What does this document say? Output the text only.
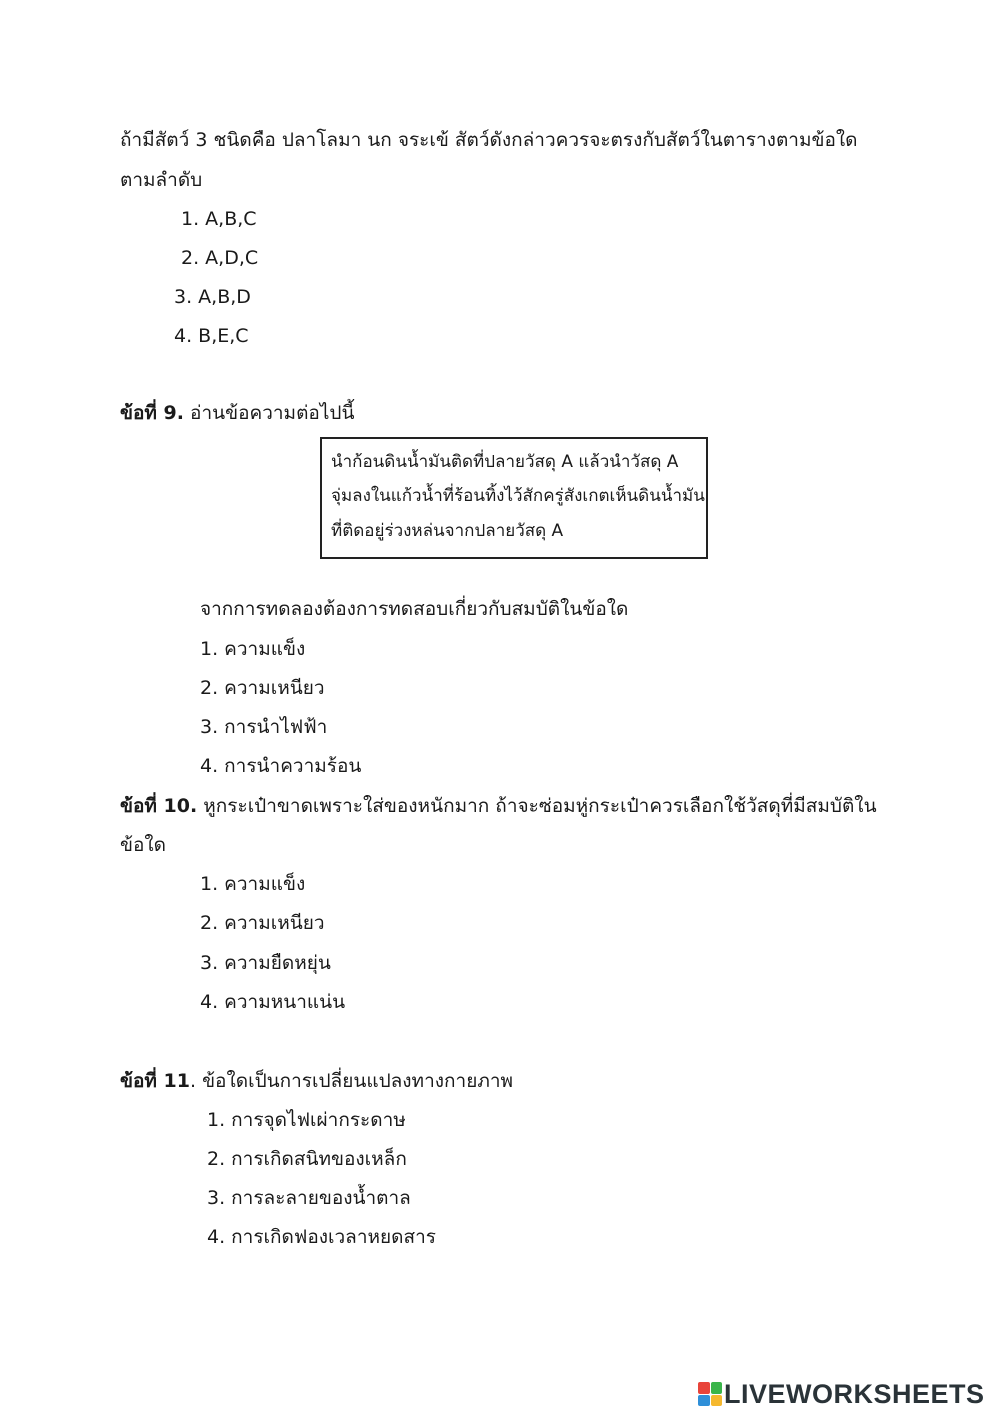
ถ้ามีสัตว์ 3 ชนิดคือ ปลาโลมา นก จระเข้ สัตว์ดังกล่าวควรจะตรงกับสัตว์ในตารางตามข้อใด
ตามลำดับ
1. A,B,C
2. A,D,C
3. A,B,D
4. B,E,C
ข้อที่ 9. อ่านข้อความต่อไปนี้
นำก้อนดินน้ำมันติดที่ปลายวัสดุ A แล้วนำวัสดุ A
จุ่มลงในแก้วน้ำที่ร้อนทิ้งไว้สักครู่สังเกตเห็นดินน้ำมัน
ที่ติดอยู่ร่วงหล่นจากปลายวัสดุ A
จากการทดลองต้องการทดสอบเกี่ยวกับสมบัติในข้อใด
1. ความแข็ง
2. ความเหนียว
3. การนำไฟฟ้า
4. การนำความร้อน
ข้อที่ 10. หูกระเป๋าขาดเพราะใส่ของหนักมาก ถ้าจะซ่อมหู่กระเป๋าควรเลือกใช้วัสดุที่มีสมบัติใน
ข้อใด
1. ความแข็ง
2. ความเหนียว
3. ความยืดหยุ่น
4. ความหนาแน่น
ข้อที่ 11. ข้อใดเป็นการเปลี่ยนแปลงทางกายภาพ
1. การจุดไฟเผ่ากระดาษ
2. การเกิดสนิทของเหล็ก
3. การละลายของน้ำตาล
4. การเกิดฟองเวลาหยดสาร
LIVEWORKSHEETS
